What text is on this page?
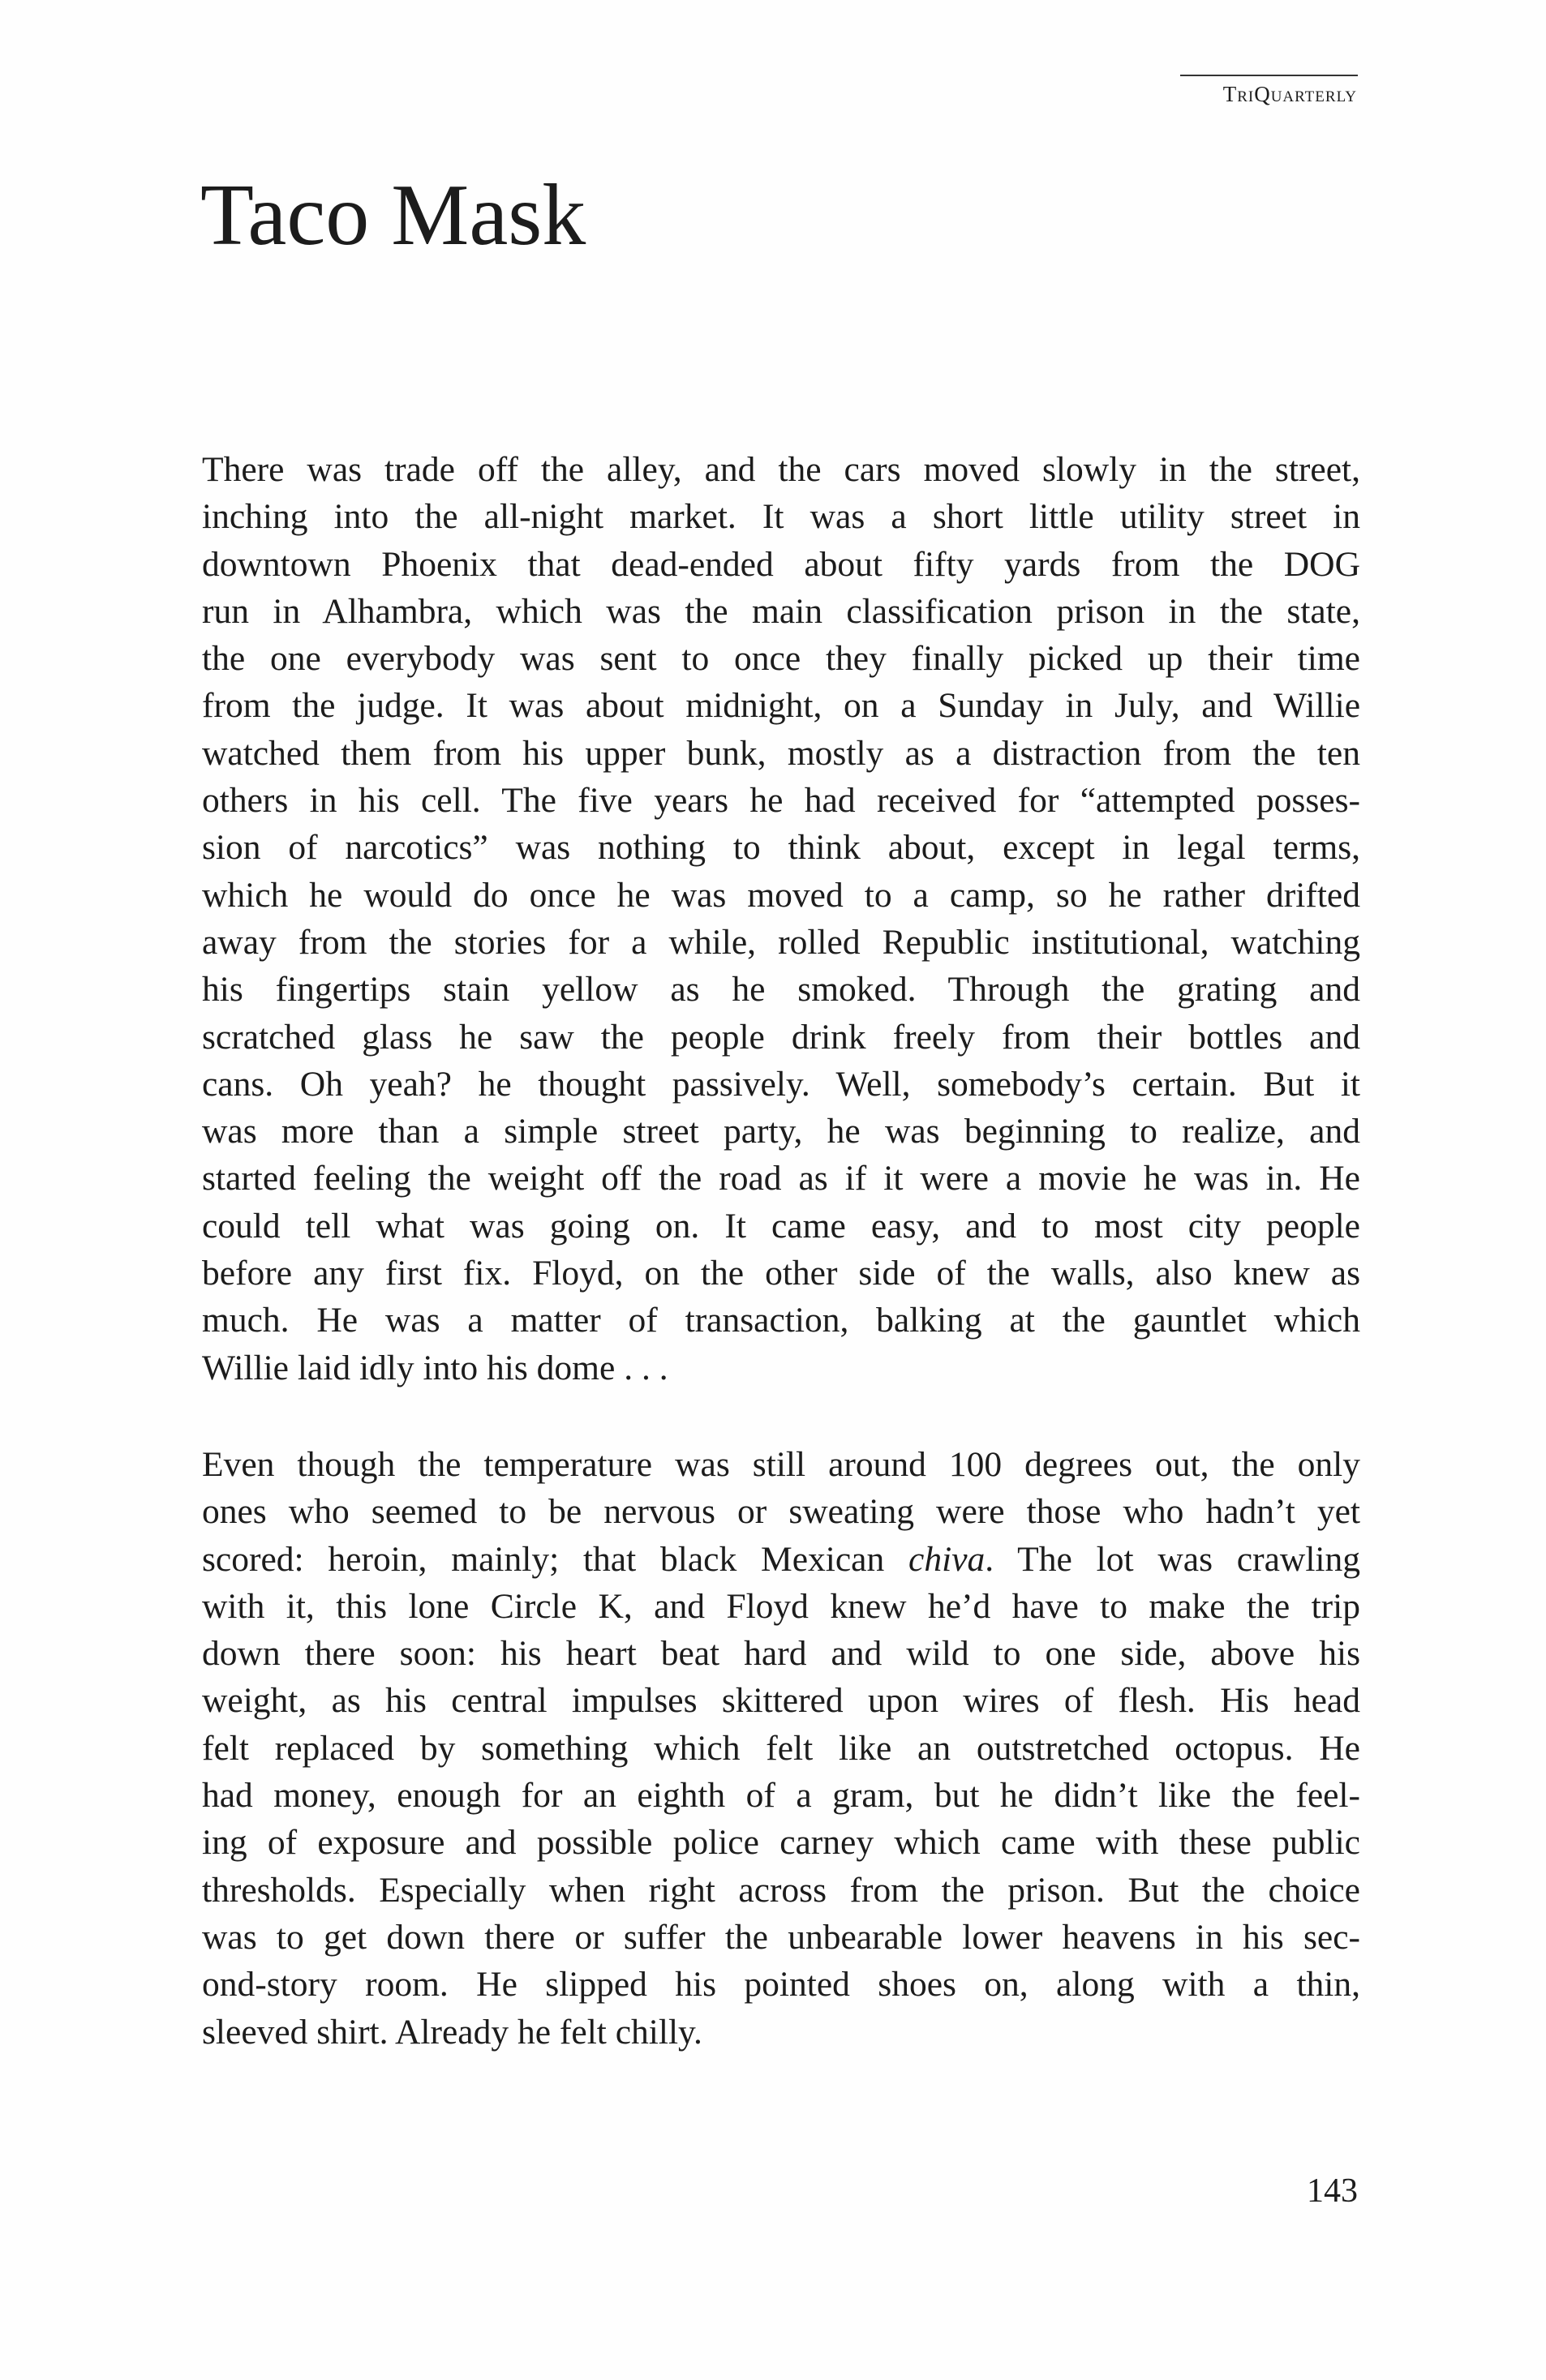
TriQuarterly
Taco Mask

There was trade off the alley, and the cars moved slowly in the street,
inching into the all-night market. It was a short little utility street in
downtown Phoenix that dead-ended about fifty yards from the DOG
run in Alhambra, which was the main classification prison in the state,
the one everybody was sent to once they finally picked up their time
from the judge. It was about midnight, on a Sunday in July, and Willie
watched them from his upper bunk, mostly as a distraction from the ten
others in his cell. The five years he had received for “attempted posses-
sion of narcotics” was nothing to think about, except in legal terms,
which he would do once he was moved to a camp, so he rather drifted
away from the stories for a while, rolled Republic institutional, watching
his fingertips stain yellow as he smoked. Through the grating and
scratched glass he saw the people drink freely from their bottles and
cans. Oh yeah? he thought passively. Well, somebody’s certain. But it
was more than a simple street party, he was beginning to realize, and
started feeling the weight off the road as if it were a movie he was in. He
could tell what was going on. It came easy, and to most city people
before any first fix. Floyd, on the other side of the walls, also knew as
much. He was a matter of transaction, balking at the gauntlet which
Willie laid idly into his dome . . .

Even though the temperature was still around 100 degrees out, the only
ones who seemed to be nervous or sweating were those who hadn’t yet
scored: heroin, mainly; that black Mexican chiva. The lot was crawling
with it, this lone Circle K, and Floyd knew he’d have to make the trip
down there soon: his heart beat hard and wild to one side, above his
weight, as his central impulses skittered upon wires of flesh. His head
felt replaced by something which felt like an outstretched octopus. He
had money, enough for an eighth of a gram, but he didn’t like the feel-
ing of exposure and possible police carney which came with these public
thresholds. Especially when right across from the prison. But the choice
was to get down there or suffer the unbearable lower heavens in his sec-
ond-story room. He slipped his pointed shoes on, along with a thin,
sleeved shirt. Already he felt chilly.

143
